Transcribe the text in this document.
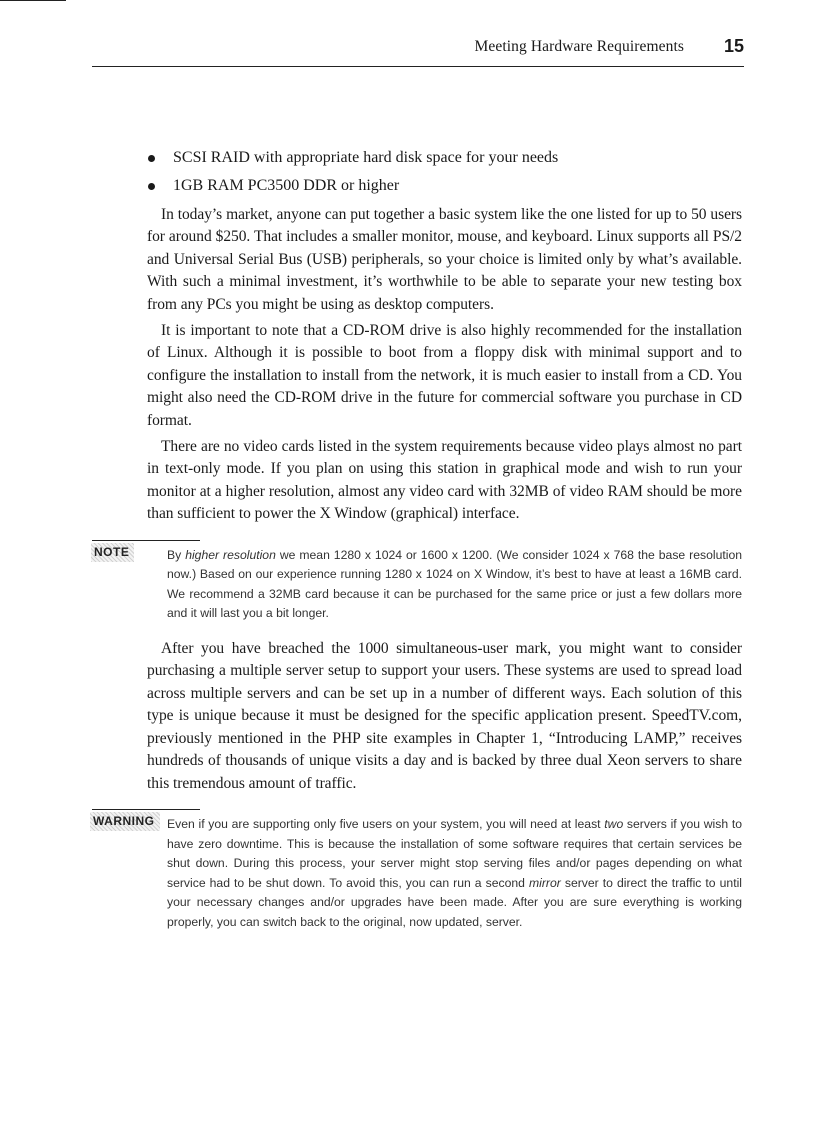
Meeting Hardware Requirements 15
SCSI RAID with appropriate hard disk space for your needs
1GB RAM PC3500 DDR or higher

In today’s market, anyone can put together a basic system like the one listed for up to 50 users for around $250. That includes a smaller monitor, mouse, and keyboard. Linux supports all PS/2 and Universal Serial Bus (USB) peripherals, so your choice is limited only by what’s available. With such a minimal investment, it’s worthwhile to be able to separate your new testing box from any PCs you might be using as desktop computers.

It is important to note that a CD-ROM drive is also highly recommended for the installation of Linux. Although it is possible to boot from a floppy disk with minimal support and to configure the installation to install from the network, it is much easier to install from a CD. You might also need the CD-ROM drive in the future for commercial software you purchase in CD format.

There are no video cards listed in the system requirements because video plays almost no part in text-only mode. If you plan on using this station in graphical mode and wish to run your monitor at a higher resolution, almost any video card with 32MB of video RAM should be more than sufficient to power the X Window (graphical) interface.

NOTE	By higher resolution we mean 1280 x 1024 or 1600 x 1200. (We consider 1024 x 768 the base resolution now.) Based on our experience running 1280 x 1024 on X Window, it’s best to have at least a 16MB card. We recommend a 32MB card because it can be purchased for the same price or just a few dollars more and it will last you a bit longer.

After you have breached the 1000 simultaneous-user mark, you might want to consider purchasing a multiple server setup to support your users. These systems are used to spread load across multiple servers and can be set up in a number of different ways. Each solution of this type is unique because it must be designed for the specific application present. SpeedTV.com, previously mentioned in the PHP site examples in Chapter 1, “Introducing LAMP,” receives hundreds of thousands of unique visits a day and is backed by three dual Xeon servers to share this tremendous amount of traffic.

WARNING	Even if you are supporting only five users on your system, you will need at least two servers if you wish to have zero downtime. This is because the installation of some software requires that certain services be shut down. During this process, your server might stop serving files and/or pages depending on what service had to be shut down. To avoid this, you can run a second mirror server to direct the traffic to until your necessary changes and/or upgrades have been made. After you are sure everything is working properly, you can switch back to the original, now updated, server.
